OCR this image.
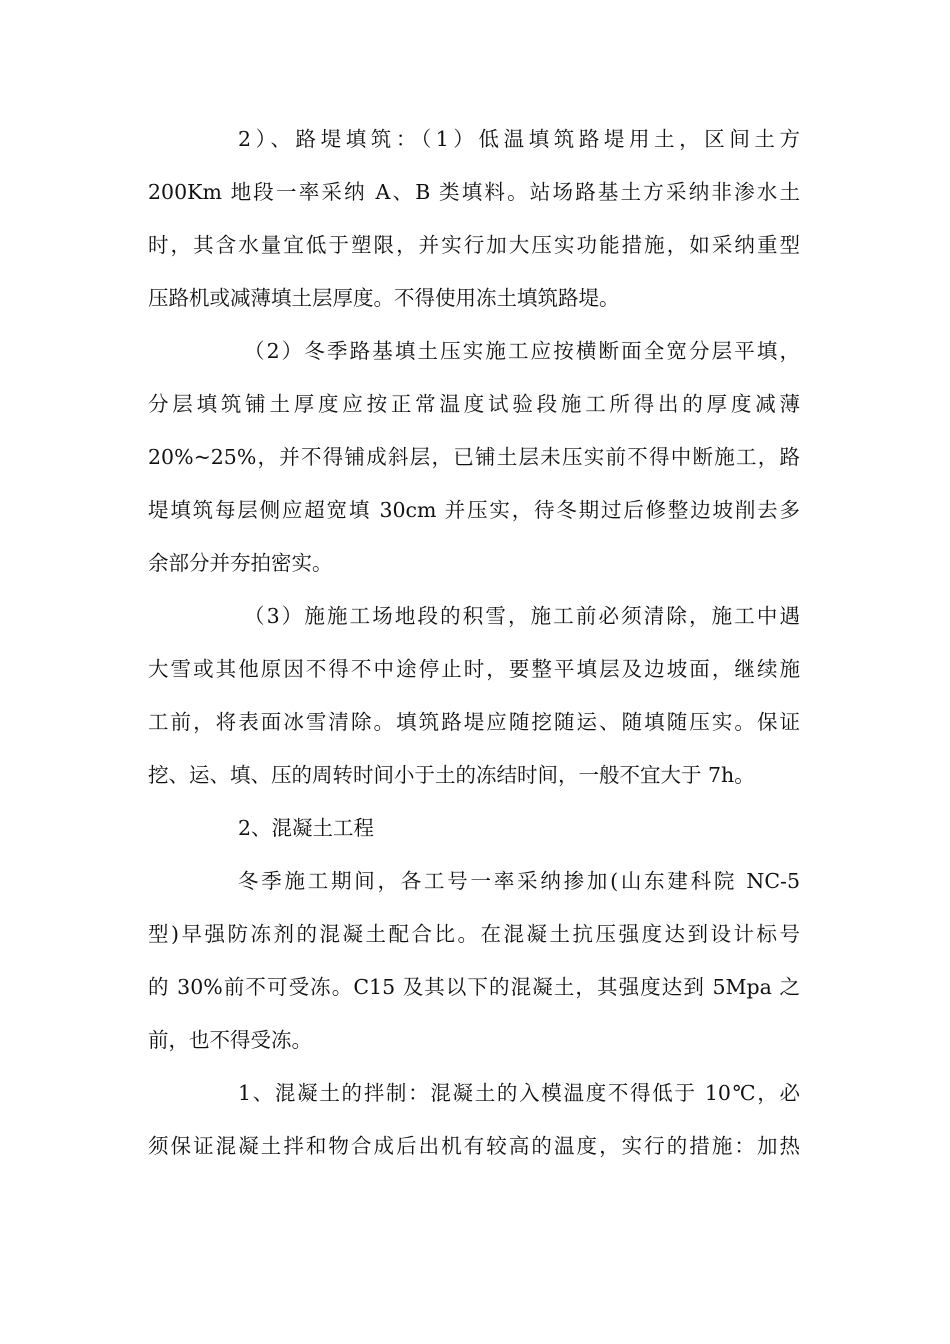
2）、路堤填筑：（1）低温填筑路堤用土，区间土方
200Km 地段一率采纳 A、B 类填料。站场路基土方采纳非渗水土
时，其含水量宜低于塑限，并实行加大压实功能措施，如采纳重型
压路机或减薄填土层厚度。不得使用冻土填筑路堤。
（2）冬季路基填土压实施工应按横断面全宽分层平填，
分层填筑铺土厚度应按正常温度试验段施工所得出的厚度减薄
20%~25%，并不得铺成斜层，已铺土层未压实前不得中断施工，路
堤填筑每层侧应超宽填 30cm 并压实，待冬期过后修整边坡削去多
余部分并夯拍密实。
（3）施施工场地段的积雪，施工前必须清除，施工中遇
大雪或其他原因不得不中途停止时，要整平填层及边坡面，继续施
工前，将表面冰雪清除。填筑路堤应随挖随运、随填随压实。保证
挖、运、填、压的周转时间小于土的冻结时间，一般不宜大于 7h。
2、混凝土工程
冬季施工期间，各工号一率采纳掺加(山东建科院 NC-5
型)早强防冻剂的混凝土配合比。在混凝土抗压强度达到设计标号
的 30%前不可受冻。C15 及其以下的混凝土，其强度达到 5Mpa 之
前，也不得受冻。
1、混凝土的拌制：混凝土的入模温度不得低于 10℃，必
须保证混凝土拌和物合成后出机有较高的温度，实行的措施：加热
